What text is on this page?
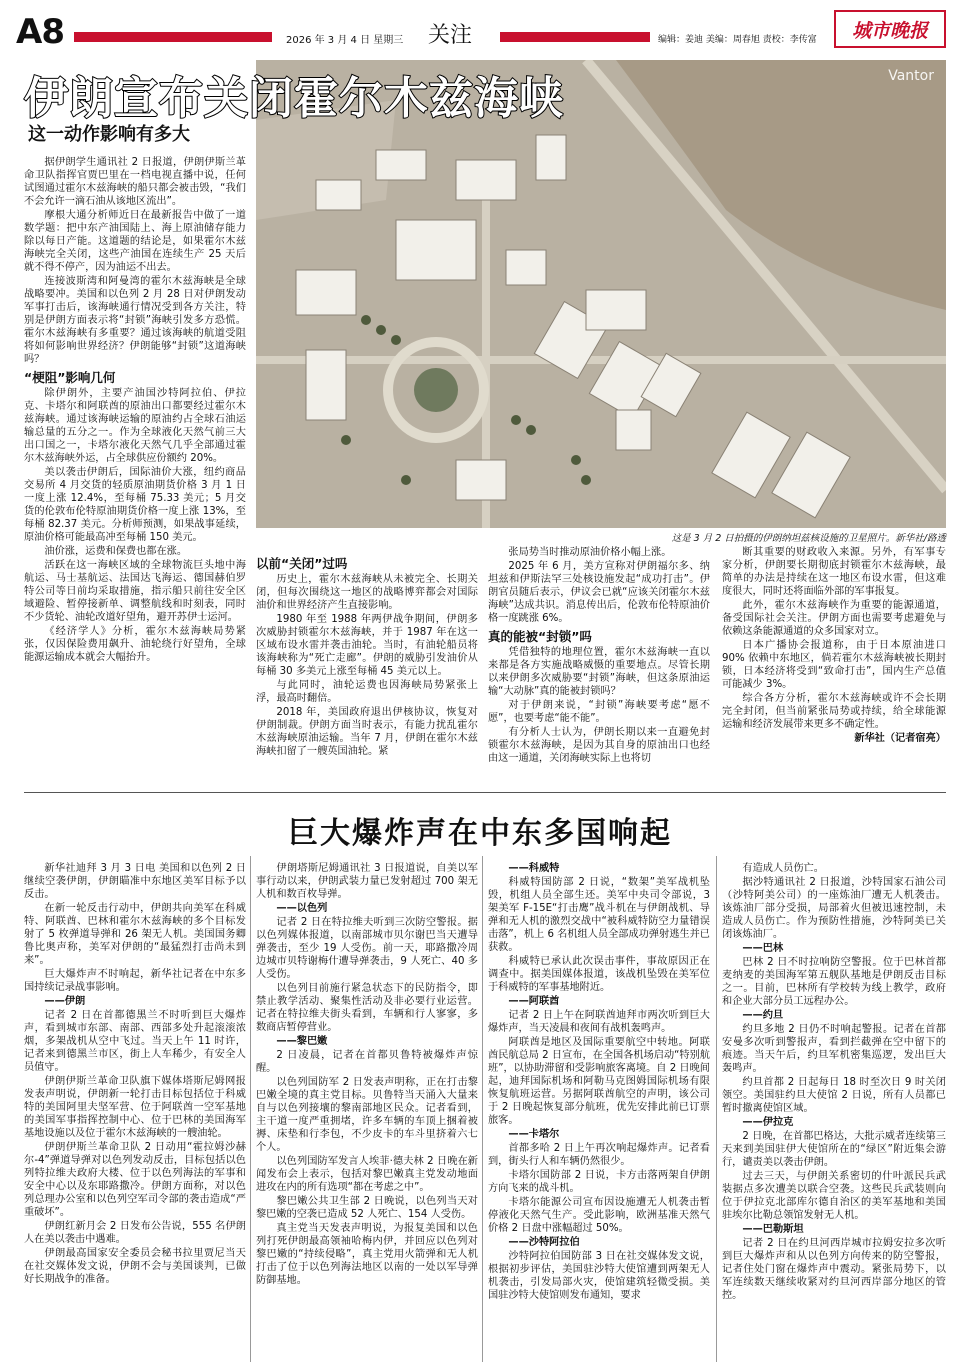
A8	2026 年 3 月 4 日 星期三 关注	编辑：姜迪 美编：周春旭 责校：李传富	城市晚报
Vantor
这是 3 月 2 日拍摄的伊朗纳坦兹核设施的卫星照片。新华社/路透
伊朗宣布关闭霍尔木兹海峡
这一动作影响有多大

据伊朗学生通讯社 2 日报道，伊朗伊斯兰革命卫队指挥官贾巴里在一档电视直播中说，任何试图通过霍尔木兹海峡的船只都会被击毁，“我们不会允许一滴石油从该地区流出”。

摩根大通分析师近日在最新报告中做了一道数学题：把中东产油国陆上、海上原油储存能力除以每日产能。这道题的结论是，如果霍尔木兹海峡完全关闭，这些产油国在连续生产 25 天后就不得不停产，因为油运不出去。

连接波斯湾和阿曼湾的霍尔木兹海峡是全球战略要冲。美国和以色列 2 月 28 日对伊朗发动军事打击后，该海峡通行情况受到各方关注，特别是伊朗方面表示将“封锁”海峡引发多方恐慌。霍尔木兹海峡有多重要？通过该海峡的航道受阻将如何影响世界经济？伊朗能够“封锁”这道海峡吗？

“梗阻”影响几何

除伊朗外，主要产油国沙特阿拉伯、伊拉克、卡塔尔和阿联酋的原油出口都要经过霍尔木兹海峡。通过该海峡运输的原油约占全球石油运输总量的五分之一。作为全球液化天然气前三大出口国之一，卡塔尔液化天然气几乎全部通过霍尔木兹海峡外运，占全球供应份额约 20%。

美以袭击伊朗后，国际油价大涨，纽约商品交易所 4 月交货的轻质原油期货价格 3 月 1 日一度上涨 12.4%，至每桶 75.33 美元；5 月交货的伦敦布伦特原油期货价格一度上涨 13%，至每桶 82.37 美元。分析师预测，如果战事延续，原油价格可能最高冲至每桶 150 美元。

油价涨，运费和保费也都在涨。

活跃在这一海峡区域的全球物流巨头地中海航运、马士基航运、法国达飞海运、德国赫伯罗特公司等日前均采取措施，指示船只前往安全区域避险、暂停接新单、调整航线和时刻表，同时不少货轮、油轮改道好望角，避开苏伊士运河。

《经济学人》分析，霍尔木兹海峡局势紧张，仅因保险费用飙升、油轮绕行好望角，全球能源运输成本就会大幅抬升。

以前“关闭”过吗

历史上，霍尔木兹海峡从未被完全、长期关闭，但每次围绕这一地区的战略博弈都会对国际油价和世界经济产生直接影响。

1980 年至 1988 年两伊战争期间，伊朗多次威胁封锁霍尔木兹海峡，并于 1987 年在这一区域布设水雷并袭击油轮。当时，有油轮船员将该海峡称为“死亡走廊”。伊朗的威胁引发油价从每桶 30 多美元上涨至每桶 45 美元以上。

与此同时，油轮运费也因海峡局势紧张上浮，最高时翻倍。

2018 年，美国政府退出伊核协议，恢复对伊朗制裁。伊朗方面当时表示，有能力扰乱霍尔木兹海峡原油运输。当年 7 月，伊朗在霍尔木兹海峡扣留了一艘英国油轮。紧

张局势当时推动原油价格小幅上涨。

2025 年 6 月，美方宣称对伊朗福尔多、纳坦兹和伊斯法罕三处核设施发起“成功打击”。伊朗官员随后表示，伊议会已就“应该关闭霍尔木兹海峡”达成共识。消息传出后，伦敦布伦特原油价格一度跳涨 6%。

真的能被“封锁”吗

凭借独特的地理位置，霍尔木兹海峡一直以来都是各方实施战略威慑的重要地点。尽管长期以来伊朗多次威胁要“封锁”海峡，但这条原油运输“大动脉”真的能被封锁吗？

对于伊朗来说，“封锁”海峡要考虑“愿不愿”，也要考虑“能不能”。

有分析人士认为，伊朗长期以来一直避免封锁霍尔木兹海峡，是因为其自身的原油出口也经由这一通道，关闭海峡实际上也将切

断其重要的财政收入来源。另外，有军事专家分析，伊朗要长期彻底封锁霍尔木兹海峡，最简单的办法是持续在这一地区布设水雷，但这难度很大，同时还将面临外部的军事报复。

此外，霍尔木兹海峡作为重要的能源通道，备受国际社会关注。伊朗方面也需要考虑避免与依赖这条能源通道的众多国家对立。

日本广播协会报道称，由于日本原油进口 90% 依赖中东地区，倘若霍尔木兹海峡被长期封锁，日本经济将受到“致命打击”，国内生产总值可能减少 3%。

综合各方分析，霍尔木兹海峡或许不会长期完全封闭，但当前紧张局势或持续，给全球能源运输和经济发展带来更多不确定性。

新华社（记者宿亮）

巨大爆炸声在中东多国响起

新华社迪拜 3 月 3 日电 美国和以色列 2 日继续空袭伊朗，伊朗瞄准中东地区美军目标予以反击。

在新一轮反击行动中，伊朗共向美军在科威特、阿联酋、巴林和霍尔木兹海峡的多个目标发射了 5 枚弹道导弹和 26 架无人机。美国国务卿鲁比奥声称，美军对伊朗的“最猛烈打击尚未到来”。

巨大爆炸声不时响起，新华社记者在中东多国持续记录战事影响。

——伊朗

记者 2 日在首都德黑兰不时听到巨大爆炸声，看到城市东部、南部、西部多处升起滚滚浓烟，多架战机从空中飞过。当天上午 11 时许，记者来到德黑兰市区，街上人车稀少，有安全人员值守。

伊朗伊斯兰革命卫队旗下媒体塔斯尼姆网报发表声明说，伊朗新一轮打击目标包括位于科威特的美国阿里夫坚军营、位于阿联酋一空军基地的美国军事指挥控制中心、位于巴林的美国海军基地设施以及位于霍尔木兹海峡的一艘油轮。

伊朗伊斯兰革命卫队 2 日动用“霍拉姆沙赫尔-4”弹道导弹对以色列发动反击，目标包括以色列特拉维夫政府大楼、位于以色列海法的军事和安全中心以及东耶路撒冷。伊朗方面称，对以色列总理办公室和以色列空军司令部的袭击造成“严重破坏”。

伊朗红新月会 2 日发布公告说，555 名伊朗人在美以袭击中遇难。

伊朗最高国家安全委员会秘书拉里贾尼当天在社交媒体发文说，伊朗不会与美国谈判，已做好长期战争的准备。

伊朗塔斯尼姆通讯社 3 日报道说，自美以军事行动以来，伊朗武装力量已发射超过 700 架无人机和数百枚导弹。

——以色列

记者 2 日在特拉维夫听到三次防空警报。据以色列媒体报道，以南部城市贝尔谢巴当天遭导弹袭击，至少 19 人受伤。前一天，耶路撒冷周边城市贝特谢梅什遭导弹袭击，9 人死亡、40 多人受伤。

以色列目前施行紧急状态下的民防指令，即禁止教学活动、聚集性活动及非必要行业运营。记者在特拉维夫街头看到，车辆和行人寥寥，多数商店暂停营业。

——黎巴嫩

2 日凌晨，记者在首都贝鲁特被爆炸声惊醒。

以色列国防军 2 日发表声明称，正在打击黎巴嫩全境的真主党目标。贝鲁特当天涌入大量来自与以色列接壤的黎南部地区民众。记者看到，主干道一度严重拥堵，许多车辆的车顶上捆着被褥、床垫和行李包，不少皮卡的车斗里挤着六七个人。

以色列国防军发言人埃菲·德夫林 2 日晚在新闻发布会上表示，包括对黎巴嫩真主党发动地面进攻在内的所有选项“都在考虑之中”。

黎巴嫩公共卫生部 2 日晚说，以色列当天对黎巴嫩的空袭已造成 52 人死亡、154 人受伤。

真主党当天发表声明说，为报复美国和以色列打死伊朗最高领袖哈梅内伊，并回应以色列对黎巴嫩的“持续侵略”，真主党用火箭弹和无人机打击了位于以色列海法地区以南的一处以军导弹防御基地。

——科威特

科威特国防部 2 日说，“数架”美军战机坠毁，机组人员全部生还。美军中央司令部说，3 架美军 F-15E“打击鹰”战斗机在与伊朗战机、导弹和无人机的激烈交战中“被科威特防空力量错误击落”，机上 6 名机组人员全部成功弹射逃生并已获救。

科威特已承认此次误击事件，事故原因正在调查中。据美国媒体报道，该战机坠毁在美军位于科威特的军事基地附近。

——阿联酋

记者 2 日上午在阿联酋迪拜市两次听到巨大爆炸声，当天凌晨和夜间有战机轰鸣声。

阿联酋是地区及国际重要航空中转地。阿联酋民航总局 2 日宣布，在全国各机场启动“特别航班”，以协助滞留和受影响旅客离境。自 2 日晚间起，迪拜国际机场和阿勒马克图姆国际机场有限恢复航班运营。另据阿联酋航空的声明，该公司于 2 日晚起恢复部分航班，优先安排此前已订票旅客。

——卡塔尔

首都多哈 2 日上午再次响起爆炸声。记者看到，街头行人和车辆仍然很少。

卡塔尔国防部 2 日说，卡方击落两架自伊朗方向飞来的战斗机。

卡塔尔能源公司宣布因设施遭无人机袭击暂停液化天然气生产。受此影响，欧洲基准天然气价格 2 日盘中涨幅超过 50%。

——沙特阿拉伯

沙特阿拉伯国防部 3 日在社交媒体发文说，根据初步评估，美国驻沙特大使馆遭到两架无人机袭击，引发局部火灾，使馆建筑轻微受损。美国驻沙特大使馆则发布通知，要求

有造成人员伤亡。

据沙特通讯社 2 日报道，沙特国家石油公司（沙特阿美公司）的一座炼油厂遭无人机袭击。该炼油厂部分受损，局部着火但被迅速控制，未造成人员伤亡。作为预防性措施，沙特阿美已关闭该炼油厂。

——巴林

巴林 2 日不时拉响防空警报。位于巴林首都麦纳麦的美国海军第五舰队基地是伊朗反击目标之一。目前，巴林所有学校转为线上教学，政府和企业大部分员工远程办公。

——约旦

约旦多地 2 日仍不时响起警报。记者在首都安曼多次听到警报声，看到拦截弹在空中留下的痕迹。当天午后，约旦军机密集巡逻，发出巨大轰鸣声。

约旦首都 2 日起每日 18 时至次日 9 时关闭领空。美国驻约旦大使馆 2 日说，所有人员都已暂时撤离使馆区域。

——伊拉克

2 日晚，在首都巴格达，大批示威者连续第三天来到美国驻伊大使馆所在的“绿区”附近集会游行，谴责美以袭击伊朗。

过去三天，与伊朗关系密切的什叶派民兵武装据点多次遭美以联合空袭。这些民兵武装则向位于伊拉克北部库尔德自治区的美军基地和美国驻埃尔比勒总领馆发射无人机。

——巴勒斯坦

记者 2 日在约旦河西岸城市拉姆安拉多次听到巨大爆炸声和从以色列方向传来的防空警报，记者住处门窗在爆炸声中震动。紧张局势下，以军连续数天继续收紧对约旦河西岸部分地区的管控。
